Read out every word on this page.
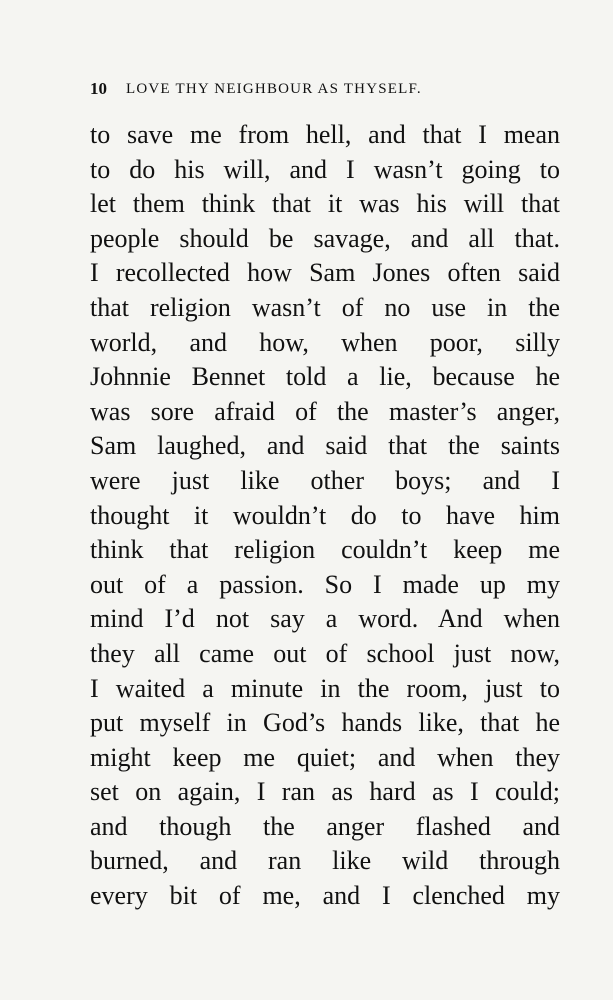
10	LOVE THY NEIGHBOUR AS THYSELF.
to save me from hell, and that I mean
to do his will, and I wasn’t going to
let them think that it was his will that
people should be savage, and all that.
I recollected how Sam Jones often said
that religion wasn’t of no use in the
world, and how, when poor, silly
Johnnie Bennet told a lie, because he
was sore afraid of the master’s anger,
Sam laughed, and said that the saints
were just like other boys; and I
thought it wouldn’t do to have him
think that religion couldn’t keep me
out of a passion. So I made up my
mind I’d not say a word. And when
they all came out of school just now,
I waited a minute in the room, just to
put myself in God’s hands like, that he
might keep me quiet; and when they
set on again, I ran as hard as I could;
and though the anger flashed and
burned, and ran like wild through
every bit of me, and I clenched my
